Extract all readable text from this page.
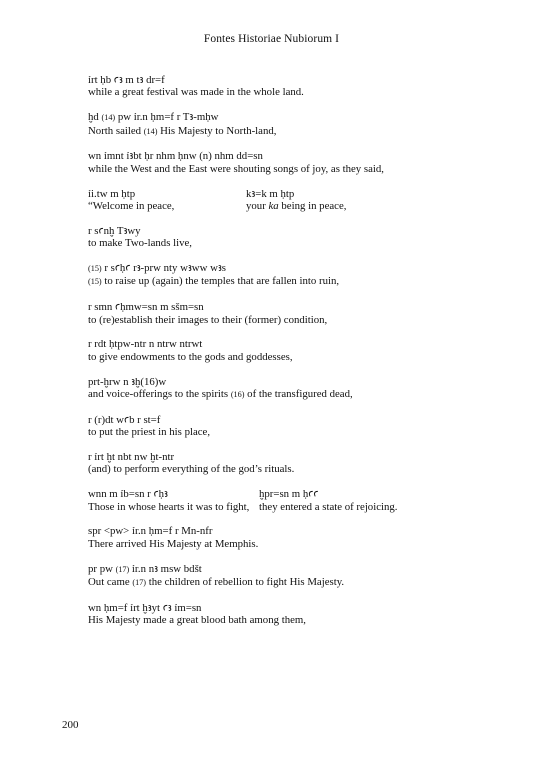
Fontes Historiae Nubiorum I
ỉrt ḥb ꜥꜣ m tꜣ dr=f
while a great festival was made in the whole land.
ḫd (14) pw ỉr.n ḥm=f r Tꜣ-mḥw
North sailed (14) His Majesty to North-land,
wn ỉmnt ỉꜣbt ḥr nhm ḥnw (n) nhm dd=sn
while the West and the East were shouting songs of joy, as they said,
ỉi.tw m ḥtp	kꜣ=k m ḥtp
“Welcome in peace,	your ka being in peace,
r sꜥnḫ Tꜣwy
to make Two-lands live,
(15) r sꜥḥꜥ rꜣ-prw nty wꜣww wꜣs
(15) to raise up (again) the temples that are fallen into ruin,
r smn ꜥḥmw=sn m sšm=sn
to (re)establish their images to their (former) condition,
r rdt ḥtpw-ntr n ntrw ntrwt
to give endowments to the gods and goddesses,
prt-ḫrw n ꜣḫ(16)w
and voice-offerings to the spirits (16) of the transfigured dead,
r (r)dt wꜥb r st=f
to put the priest in his place,
r ỉrt ḫt nbt nw ḫt-ntr
(and) to perform everything of the god’s rituals.
wnn m ỉb=sn r ꜥḥꜣ	ḫpr=sn m ḥꜥꜥ
Those in whose hearts it was to fight, they entered a state of rejoicing.
spr <pw> ỉr.n ḥm=f r Mn-nfr
There arrived His Majesty at Memphis.
pr pw (17) ỉr.n nꜣ msw bdšt
Out came (17) the children of rebellion to fight His Majesty.
wn ḥm=f ỉrt ḫꜣyt ꜥꜣ ỉm=sn
His Majesty made a great blood bath among them,
200
